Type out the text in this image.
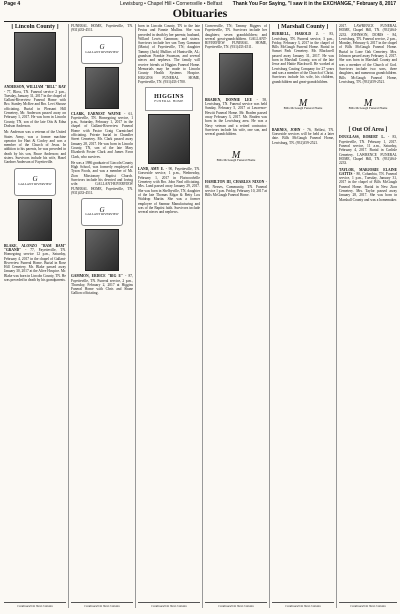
Page 4	Lewisburg • Chapel Hill • Cornersville • Belfast Thank You For Saying, "I saw it in the EXCHANGE," February 8, 2017
Obituaries
[ Lincoln County ]

ANDERSON, WILLIAM "BILL" RAY - 77, Bloss, TN. Funeral service 2 p.m., Tuesday, January 31, 2017 in the chapel of Gallant-Riverview Funeral Home with Bro. Stanley McKee and Bro. Levi Shouse officiating. Burial in Pleasant Hill Cemetery, Mr. Anderson passed away on February 1, 2017. He was born in Lincoln County, TN, son of the late Otis & Edna Dodson Anderson.

Mr. Anderson was a veteran of the United States Army, was a former machine operator for Hart & Cooley and was a member of the Church of Jesus. In addition to his parents, he was preceded in death by his son, Bruce Anderson; and sisters. Survivors include his wife, Hazel Gardner Anderson of Fayetteville.

G
GALLANT RIVERVIEW

BLAKE, ALONZO "BAM BAM" "GRAND" - 77, Fayetteville, TN. Homegoing service 12 p.m., Saturday, February 4, 2017 in the chapel of Gallant-Riverview Funeral Home. Burial in Rose Hill Cemetery. Mr. Blake passed away January 30, 2017 at the Alive Hospice. Mr. Blake was born in Lincoln County, TN. He was preceded in death by his grandparents.

Continued On Next Column

FUNERAL HOME, Fayetteville, TN. (931)433-4511.

G
GALLANT RIVERVIEW

CLARK, EARNEST WAYNE - 61, Fayetteville, TN. Homegoing service, 1 p.m., Saturday, February 1, 2017 in the chapel of Gallant-Riverview Funeral Home with Pastor Craig Carmichael officiating. Private burial in Chandler Street Cemetery. Mr. Clark passed away January 28, 2017. He was born in Lincoln County, TN, son of the late Mary Elizabeth Foster Clark and James Evon Clark, who survives.

He was a 1986 graduate of Lincoln County High School, was formerly employed at Tyson Foods, and was a member of Mt. Zion Missionary Baptist Church. Survivors include his devoted and loving wife. GALLANT-RIVERVIEW FUNERAL HOME, Fayetteville, TN. (931)433-4511.

G
GALLANT RIVERVIEW

GAMMON, ERDICE "BIG E" - 87, Fayetteville, TN. Funeral service, 2 p.m., Thursday, February 2, 2017 at Higgins Funeral Home with Chris and Shane Gallion officiating.

Continued On Next Column

born in Lincoln County, TN to the late Festus and Fannie Mullins. She was preceded in death by her parents; husband, Willard Lewis Gammon; and sisters. Survivors include her son Tony Gammon (Maria) of Fayetteville, TN; daughter Tammy (Jack) Mullins of Huntsville, AL; grandson Frankie Swanson, and several nieces and nephews. The family will receive friends at Higgins Funeral Home. Memorials may be made to Lincoln County Health Systems Hospice. HIGGINS FUNERAL HOME, Fayetteville, TN. (931)433-1700.

HIGGINS
FUNERAL HOME

LAND, AMY E. - 90, Fayetteville, TN. Graveside service, 1 p.m., Wednesday, February 1, 2017 in Flatwoodville Cemetery with Bro. John Neal officiating. Mrs. Land passed away January 29, 2017. She was born in Shelbyville, TN, daughter of the late Thomas Edgar & Betty Lou Waldrop Martin. She was a former employee of Sanmar Manufacturing and was of the Baptist faith. Survivors include several nieces and nephews.

Continued On Next Column

Cornersville, TN; Tammy Biggers of Fayetteville, TN. Survivors include her daughters; seven grandchildren; and several great-grandchildren. GALLANT-RIVERVIEW FUNERAL HOME, Fayetteville, TN. (931)433-4511.

BRADEN, DONNIE LEE - 58, Lewisburg, TN. Funeral service was held Sunday, February 5, 2017 at Lawrence-Hewitt Funeral Home. Mr. Braden passed away February 3, 2017. Mr. Braden was born in the Lewisburg area. He was a Navy veteran and a retired contractor. Survivors include his wife, one son, and several grandchildren.

M
Bills McGaugh Funeral Home

HAMILTON III, CHARLES NIXON - 88, Nesses, Community, TN. Funeral service 1 p.m. Friday, February 10, 2017 at Bills McGaugh Funeral Home.

Continued On Next Column
[ Marshall County ]

BURRELL, HAROLD J. - 83, Lewisburg, TN. Funeral service, 3 p.m., Friday, February 3, 2017 in the chapel of Bills McGaugh Funeral Home. Burial in Sunset Park Cemetery. Mr. Blackwell passed away January 31, 2017. He was born in Marshall County, son of the late Jesse and Hattie Blackwell. He worked at Lewisburg Casting Company for 27 years and was a member of the Church of Christ. Survivors include his wife, his children, grandchildren and great-grandchildren.

M
Bills McGaugh Funeral Home

BARNES, JOHN - 76, Belfast, TN. Graveside services will be held at a later date. Bills McGaugh Funeral Home, Lewisburg, TN. (931)359-2521.

Continued On Next Column

2017. LAWRENCE FUNERAL HOME, Chapel Hill, TN. (931)364-2233. JOHNSON, DORIS - 84, Lewisburg, TN. Funeral service, 2 p.m., Monday, February 6, 2017 in the chapel of Bills McGaugh Funeral Home. Burial in Lone Oak Cemetery. Mrs. Johnson passed away February 4, 2017. She was born in Marshall County and was a member of the Church of God. Survivors include two sons, three daughters, and numerous grandchildren. Bills McGaugh Funeral Home, Lewisburg, TN. (931)359-2521.

M
Bills McGaugh Funeral Home
[ Out Of Area ]

DOUGLASS, ROBERT L. - 83, Fayetteville, TN. February 1, 2017. Funeral service, 11 a.m., Saturday, February 4, 2017. Burial in Carlisle Cemetery. LAWRENCE FUNERAL HOME, Chapel Hill, TN. (931)364-2233.

TAYLOR, MARJORIE ELAINE GATTIS - 80, Columbia, TN. Funeral service, 1 p.m., Tuesday, January 31, 2017 in the chapel of Bills McGaugh Funeral Home. Burial in New Zion Cemetery. Mrs. Taylor passed away January 28, 2017. She was born in Marshall County and was a homemaker.

Continued On Next Column
